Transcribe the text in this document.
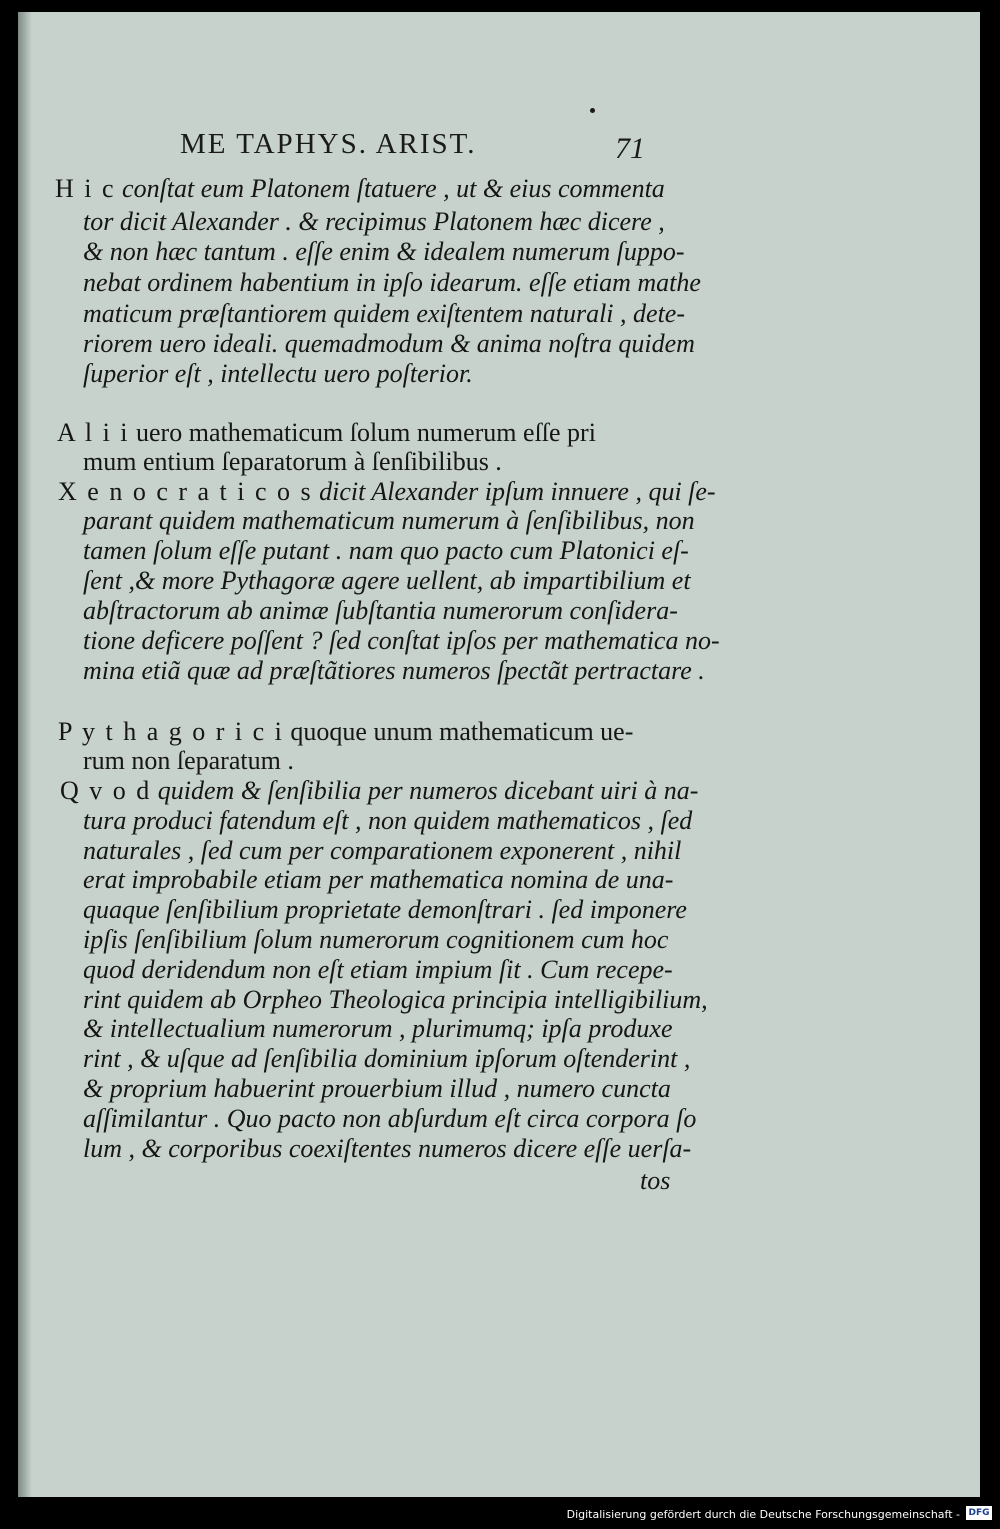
ME TAPHYS. ARIST.	71
H i c conſtat eum Platonem ſtatuere , ut & eius commenta
tor dicit Alexander . & recipimus Platonem hæc dicere ,
& non hæc tantum . eſſe enim & idealem numerum ſuppo-
nebat ordinem habentium in ipſo idearum. eſſe etiam mathe
maticum præſtantiorem quidem exiſtentem naturali , dete-
riorem uero ideali. quemadmodum & anima noſtra quidem
ſuperior eſt , intellectu uero poſterior.
A l i i uero mathematicum ſolum numerum eſſe pri
mum entium ſeparatorum à ſenſibilibus .
X e n o c r a t i c o s dicit Alexander ipſum innuere , qui ſe-
parant quidem mathematicum numerum à ſenſibilibus, non
tamen ſolum eſſe putant . nam quo pacto cum Platonici eſ-
ſent ,& more Pythagoræ agere uellent, ab impartibilium et
abſtractorum ab animæ ſubſtantia numerorum conſidera-
tione deficere poſſent ? ſed conſtat ipſos per mathematica no-
mina etiã quæ ad præſtãtiores numeros ſpectãt pertractare .
P y t h a g o r i c i quoque unum mathematicum ue-
rum non ſeparatum .
Q v o d quidem & ſenſibilia per numeros dicebant uiri à na-
tura produci fatendum eſt , non quidem mathematicos , ſed
naturales , ſed cum per comparationem exponerent , nihil
erat improbabile etiam per mathematica nomina de una-
quaque ſenſibilium proprietate demonſtrari . ſed imponere
ipſis ſenſibilium ſolum numerorum cognitionem cum hoc
quod deridendum non eſt etiam impium ſit . Cum recepe-
rint quidem ab Orpheo Theologica principia intelligibilium,
& intellectualium numerorum , plurimumq; ipſa produxe
rint , & uſque ad ſenſibilia dominium ipſorum oſtenderint ,
& proprium habuerint prouerbium illud , numero cuncta
aſſimilantur . Quo pacto non abſurdum eſt circa corpora ſo
lum , & corporibus coexiſtentes numeros dicere eſſe uerſa-
tos
Digitalisierung gefördert durch die Deutsche Forschungsgemeinschaft - DFG
